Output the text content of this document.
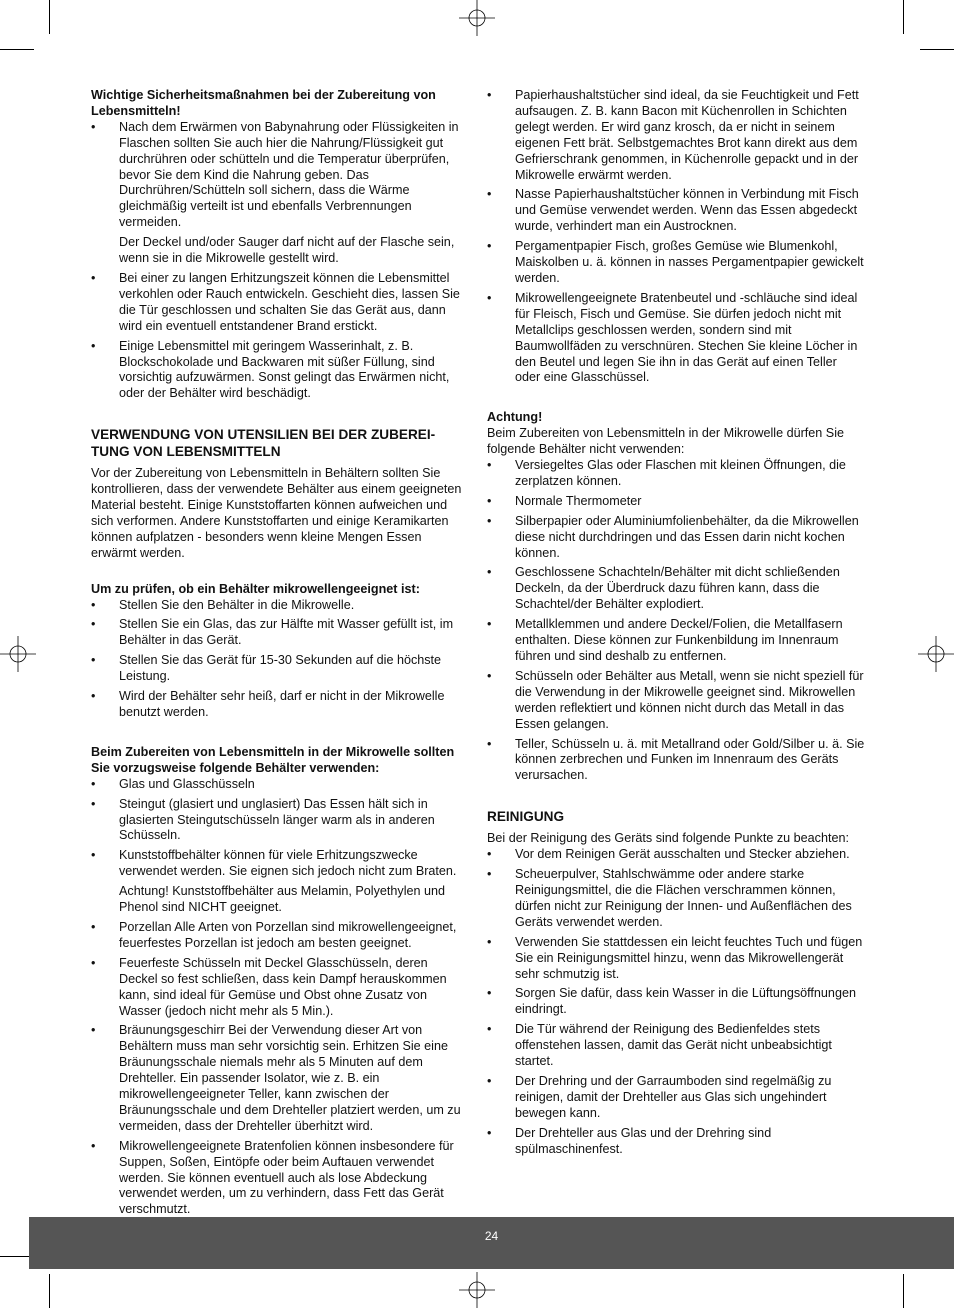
Wichtige Sicherheitsmaßnahmen bei der Zubereitung von Lebensmitteln!

• Nach dem Erwärmen von Babynahrung oder Flüssigkeiten in Flaschen sollten Sie auch hier die Nahrung/Flüssigkeit gut durchrühren oder schütteln und die Temperatur überprüfen, bevor Sie dem Kind die Nahrung geben. Das Durchrühren/Schütteln soll sichern, dass die Wärme gleichmäßig verteilt ist und ebenfalls Verbrennungen vermeiden.

Der Deckel und/oder Sauger darf nicht auf der Flasche sein, wenn sie in die Mikrowelle gestellt wird.

• Bei einer zu langen Erhitzungszeit können die Lebensmittel verkohlen oder Rauch entwickeln. Geschieht dies, lassen Sie die Tür geschlossen und schalten Sie das Gerät aus, dann wird ein eventuell entstandener Brand erstickt.
• Einige Lebensmittel mit geringem Wasserinhalt, z. B. Blockschokolade und Backwaren mit süßer Füllung, sind vorsichtig aufzuwärmen. Sonst gelingt das Erwärmen nicht, oder der Behälter wird beschädigt.

VERWENDUNG VON UTENSILIEN BEI DER ZUBEREI-TUNG VON LEBENSMITTELN

Vor der Zubereitung von Lebensmitteln in Behältern sollten Sie kontrollieren, dass der verwendete Behälter aus einem geeigneten Material besteht. Einige Kunststoffarten können aufweichen und sich verformen. Andere Kunststoffarten und einige Keramikarten können aufplatzen - besonders wenn kleine Mengen Essen erwärmt werden.

Um zu prüfen, ob ein Behälter mikrowellengeeignet ist:

• Stellen Sie den Behälter in die Mikrowelle.
• Stellen Sie ein Glas, das zur Hälfte mit Wasser gefüllt ist, im Behälter in das Gerät.
• Stellen Sie das Gerät für 15-30 Sekunden auf die höchste Leistung.
• Wird der Behälter sehr heiß, darf er nicht in der Mikrowelle benutzt werden.

Beim Zubereiten von Lebensmitteln in der Mikrowelle sollten Sie vorzugsweise folgende Behälter verwenden:

• Glas und Glasschüsseln
• Steingut (glasiert und unglasiert) Das Essen hält sich in glasierten Steingutschüsseln länger warm als in anderen Schüsseln.
• Kunststoffbehälter können für viele Erhitzungszwecke verwendet werden. Sie eignen sich jedoch nicht zum Braten.

Achtung! Kunststoffbehälter aus Melamin, Polyethylen und Phenol sind NICHT geeignet.

• Porzellan Alle Arten von Porzellan sind mikrowellengeeignet, feuerfestes Porzellan ist jedoch am besten geeignet.
• Feuerfeste Schüsseln mit Deckel Glasschüsseln, deren Deckel so fest schließen, dass kein Dampf herauskommen kann, sind ideal für Gemüse und Obst ohne Zusatz von Wasser (jedoch nicht mehr als 5 Min.).
• Bräunungsgeschirr Bei der Verwendung dieser Art von Behältern muss man sehr vorsichtig sein. Erhitzen Sie eine Bräunungsschale niemals mehr als 5 Minuten auf dem Drehteller. Ein passender Isolator, wie z. B. ein mikrowellengeeigneter Teller, kann zwischen der Bräunungsschale und dem Drehteller platziert werden, um zu vermeiden, dass der Drehteller überhitzt wird.
• Mikrowellengeeignete Bratenfolien können insbesondere für Suppen, Soßen, Eintöpfe oder beim Auftauen verwendet werden. Sie können eventuell auch als lose Abdeckung verwendet werden, um zu verhindern, dass Fett das Gerät verschmutzt.
• Papierhaushaltstücher sind ideal, da sie Feuchtigkeit und Fett aufsaugen. Z. B. kann Bacon mit Küchenrollen in Schichten gelegt werden. Er wird ganz krosch, da er nicht in seinem eigenen Fett brät. Selbstgemachtes Brot kann direkt aus dem Gefrierschrank genommen, in Küchenrolle gepackt und in der Mikrowelle erwärmt werden.
• Nasse Papierhaushaltstücher können in Verbindung mit Fisch und Gemüse verwendet werden. Wenn das Essen abgedeckt wurde, verhindert man ein Austrocknen.
• Pergamentpapier Fisch, großes Gemüse wie Blumenkohl, Maiskolben u. ä. können in nasses Pergamentpapier gewickelt werden.
• Mikrowellengeeignete Bratenbeutel und -schläuche sind ideal für Fleisch, Fisch und Gemüse. Sie dürfen jedoch nicht mit Metallclips geschlossen werden, sondern sind mit Baumwollfäden zu verschnüren. Stechen Sie kleine Löcher in den Beutel und legen Sie ihn in das Gerät auf einen Teller oder eine Glasschüssel.

Achtung!

Beim Zubereiten von Lebensmitteln in der Mikrowelle dürfen Sie folgende Behälter nicht verwenden:

• Versiegeltes Glas oder Flaschen mit kleinen Öffnungen, die zerplatzen können.
• Normale Thermometer
• Silberpapier oder Aluminiumfolienbehälter, da die Mikrowellen diese nicht durchdringen und das Essen darin nicht kochen können.
• Geschlossene Schachteln/Behälter mit dicht schließenden Deckeln, da der Überdruck dazu führen kann, dass die Schachtel/der Behälter explodiert.
• Metallklemmen und andere Deckel/Folien, die Metallfasern enthalten. Diese können zur Funkenbildung im Innenraum führen und sind deshalb zu entfernen.
• Schüsseln oder Behälter aus Metall, wenn sie nicht speziell für die Verwendung in der Mikrowelle geeignet sind. Mikrowellen werden reflektiert und können nicht durch das Metall in das Essen gelangen.
• Teller, Schüsseln u. ä. mit Metallrand oder Gold/Silber u. ä. Sie können zerbrechen und Funken im Innenraum des Geräts verursachen.

REINIGUNG

Bei der Reinigung des Geräts sind folgende Punkte zu beachten:

• Vor dem Reinigen Gerät ausschalten und Stecker abziehen.
• Scheuerpulver, Stahlschwämme oder andere starke Reinigungsmittel, die die Flächen verschrammen können, dürfen nicht zur Reinigung der Innen- und Außenflächen des Geräts verwendet werden.
• Verwenden Sie stattdessen ein leicht feuchtes Tuch und fügen Sie ein Reinigungsmittel hinzu, wenn das Mikrowellengerät sehr schmutzig ist.
• Sorgen Sie dafür, dass kein Wasser in die Lüftungsöffnungen eindringt.
• Die Tür während der Reinigung des Bedienfeldes stets offenstehen lassen, damit das Gerät nicht unbeabsichtigt startet.
• Der Drehring und der Garraumboden sind regelmäßig zu reinigen, damit der Drehteller aus Glas sich ungehindert bewegen kann.
• Der Drehteller aus Glas und der Drehring sind spülmaschinenfest.
24
